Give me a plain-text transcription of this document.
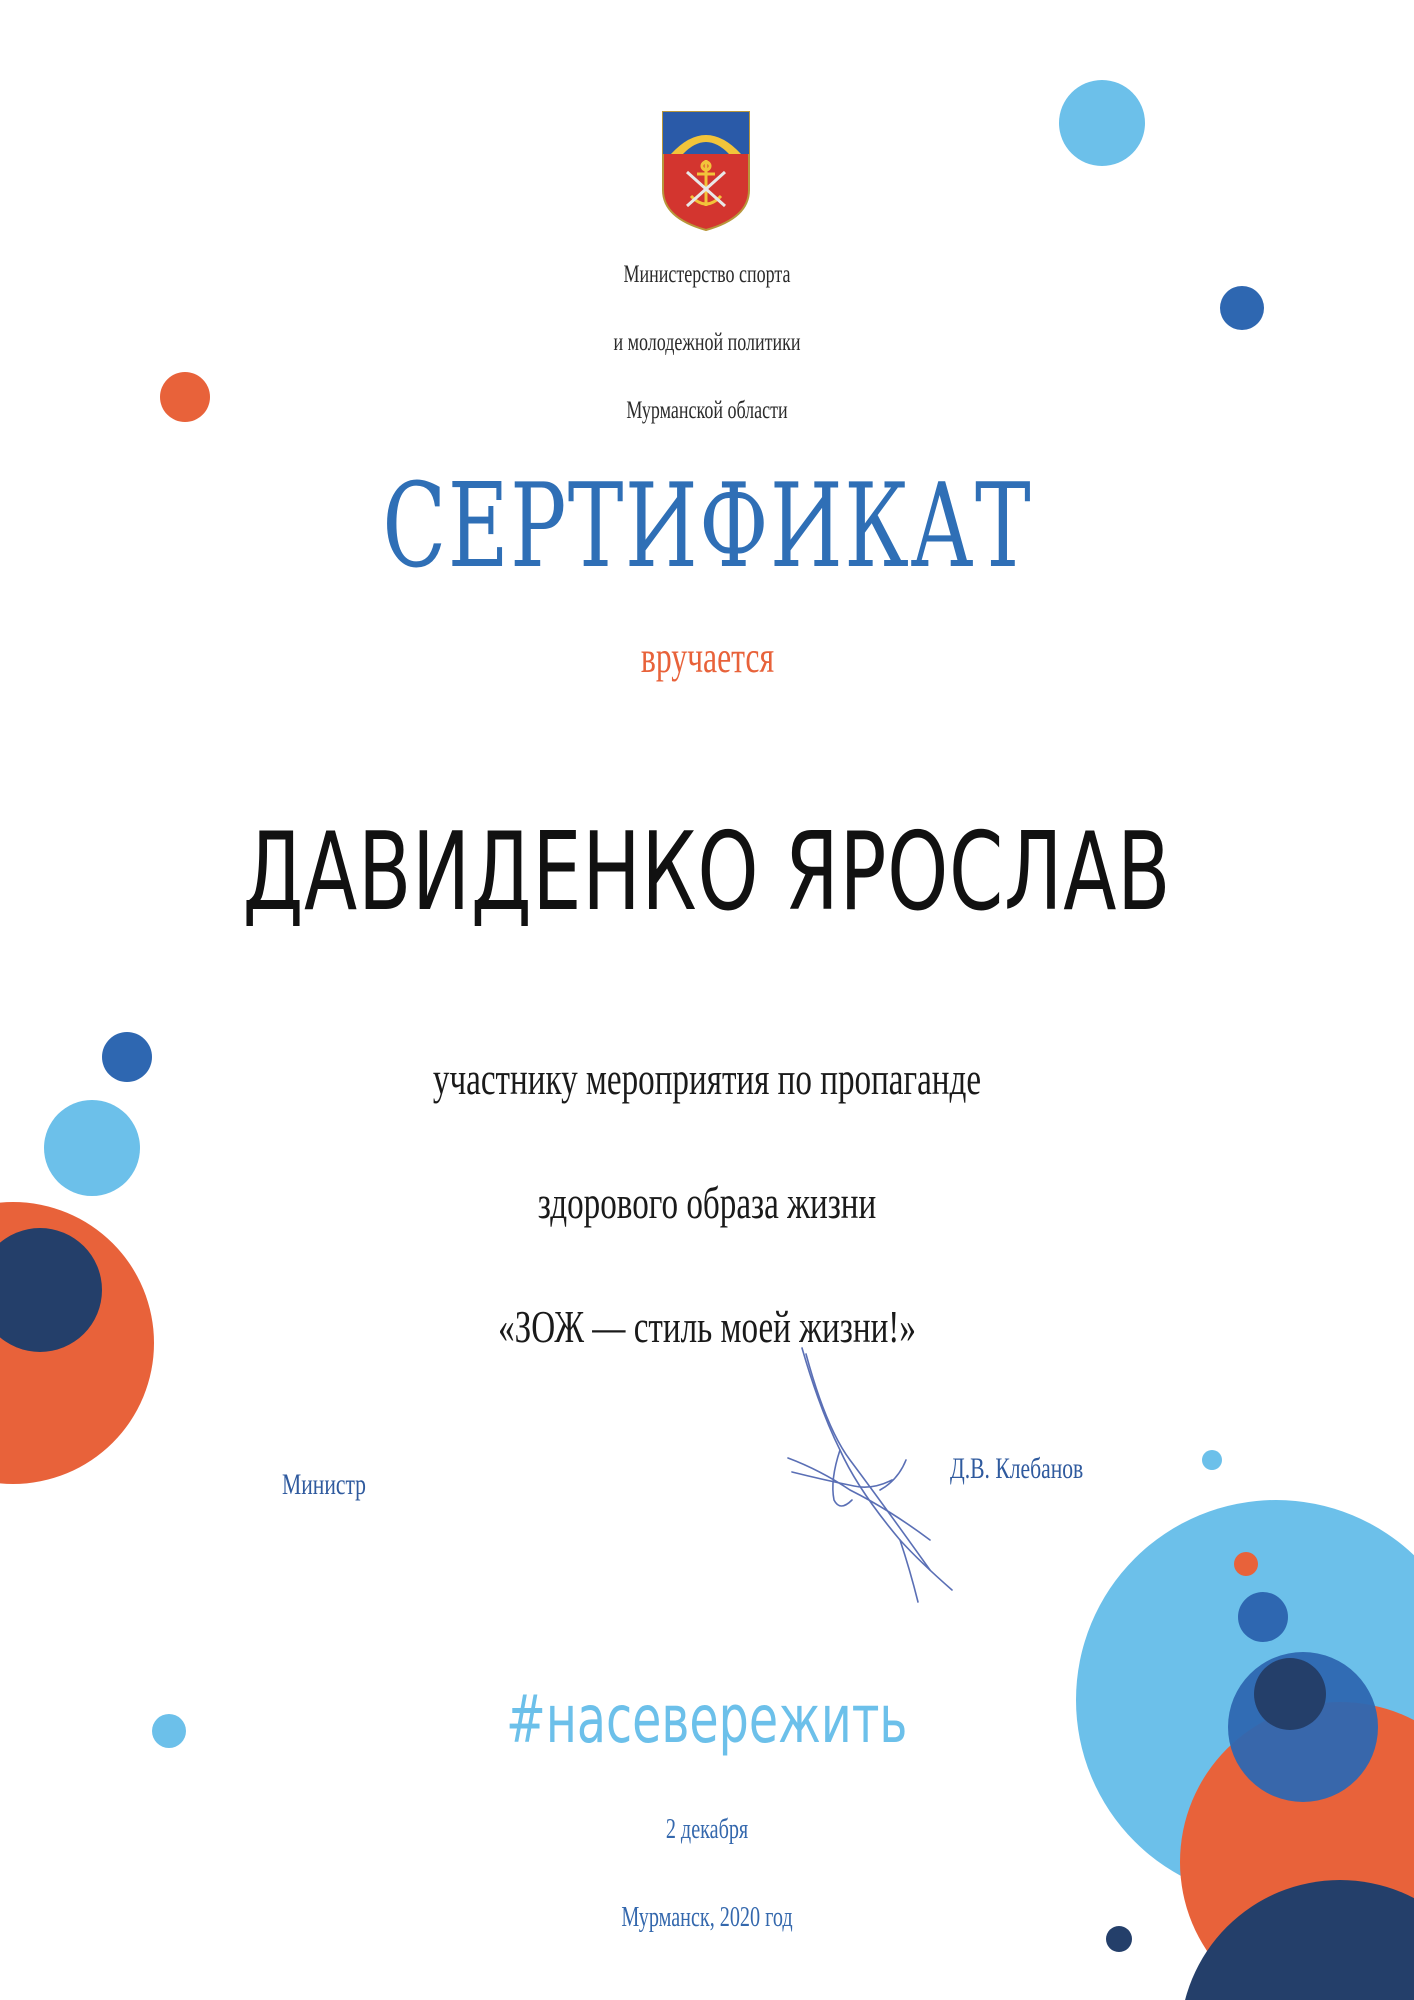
Министерство спорта

и молодежной политики

Мурманской области
СЕРТИФИКАТ
вручается
ДАВИДЕНКО ЯРОСЛАВ
участнику мероприятия по пропаганде

здорового образа жизни

«ЗОЖ — стиль моей жизни!»
Министр	Д.В. Клебанов
#насевережить
2 декабря

Мурманск, 2020 год
